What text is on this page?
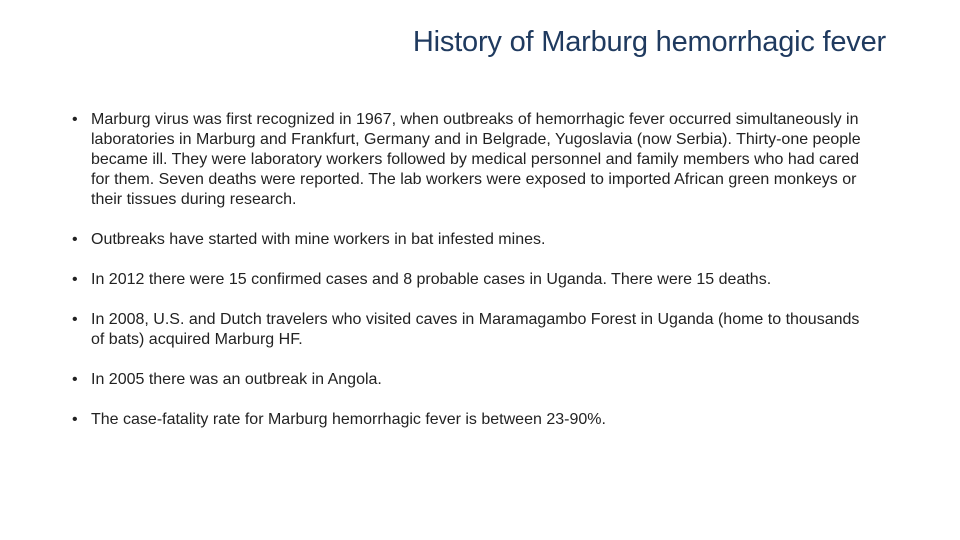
History of Marburg hemorrhagic fever
• Marburg virus was first recognized in 1967, when outbreaks of hemorrhagic fever occurred simultaneously in laboratories in Marburg and Frankfurt, Germany and in Belgrade, Yugoslavia (now Serbia). Thirty-one people became ill. They were laboratory workers followed by medical personnel and family members who had cared for them. Seven deaths were reported. The lab workers were exposed to imported African green monkeys or their tissues during research.
• Outbreaks have started with mine workers in bat infested mines.
• In 2012 there were 15 confirmed cases and 8 probable cases in Uganda. There were 15 deaths.
• In 2008, U.S. and Dutch travelers who visited caves in Maramagambo Forest in Uganda (home to thousands of bats) acquired Marburg HF.
• In 2005 there was an outbreak in Angola.
• The case-fatality rate for Marburg hemorrhagic fever is between 23-90%.
